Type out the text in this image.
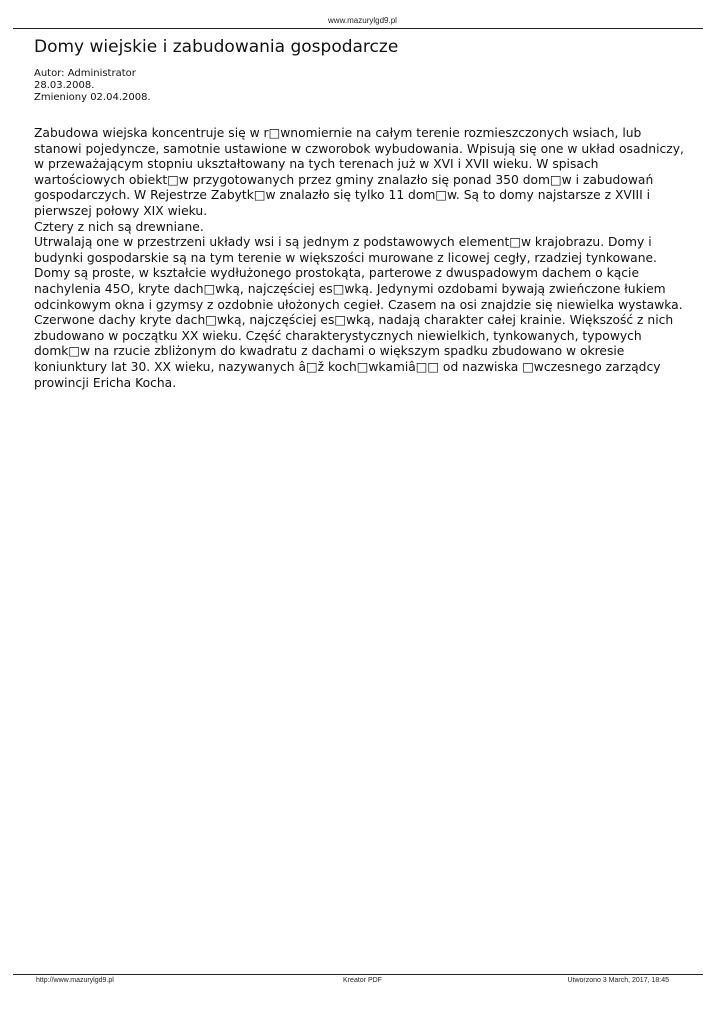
www.mazurylgd9.pl
Domy wiejskie i zabudowania gospodarcze
Autor: Administrator
28.03.2008.
Zmieniony 02.04.2008.

Zabudowa wiejska koncentruje się w r□wnomiernie na całym terenie rozmieszczonych wsiach, lub stanowi pojedyncze, samotnie ustawione w czworobok wybudowania. Wpisują się one w układ osadniczy, w przeważającym stopniu ukształtowany na tych terenach już w XVI i XVII wieku. W spisach wartościowych obiekt□w przygotowanych przez gminy znalazło się ponad 350 dom□w i zabudowań gospodarczych. W Rejestrze Zabytk□w znalazło się tylko 11 dom□w. Są to domy najstarsze z XVIII i pierwszej połowy XIX wieku.

Cztery z nich są drewniane.

Utrwalają one w przestrzeni układy wsi i są jednym z podstawowych element□w krajobrazu. Domy i budynki gospodarskie są na tym terenie w większości murowane z licowej cegły, rzadziej tynkowane. Domy są proste, w kształcie wydłużonego prostokąta, parterowe z dwuspadowym dachem o kącie nachylenia 45O, kryte dach□wką, najczęściej es□wką. Jedynymi ozdobami bywają zwieńczone łukiem odcinkowym okna i gzymsy z ozdobnie ułożonych cegieł. Czasem na osi znajdzie się niewielka wystawka. Czerwone dachy kryte dach□wką, najczęściej es□wką, nadają charakter całej krainie. Większość z nich zbudowano w początku XX wieku. Część charakterystycznych niewielkich, tynkowanych, typowych domk□w na rzucie zbliżonym do kwadratu z dachami o większym spadku zbudowano w okresie koniunktury lat 30. XX wieku, nazywanych â□ž koch□wkamiâ□□ od nazwiska □wczesnego zarządcy prowincji Ericha Kocha.

http://www.mazurylgd9.pl	Kreator PDF	Utworzono 3 March, 2017, 18:45
